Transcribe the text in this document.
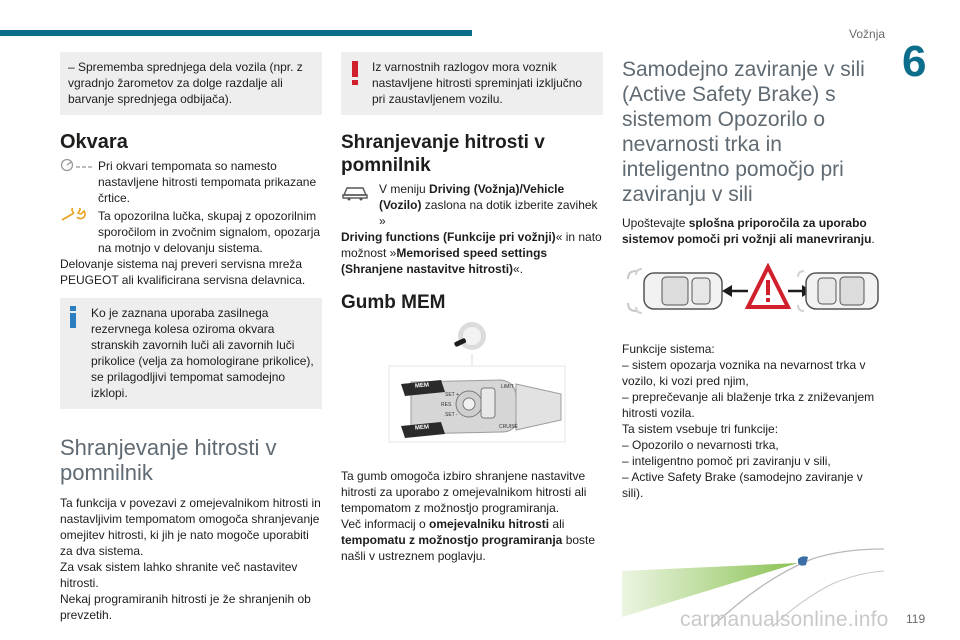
Vožnja
6

– Sprememba sprednjega dela vozila (npr. z vgradnjo žarometov za dolge razdalje ali barvanje sprednjega odbijača).

Okvara

Pri okvari tempomata so namesto nastavljene hitrosti tempomata prikazane črtice.

Ta opozorilna lučka, skupaj z opozorilnim sporočilom in zvočnim signalom, opozarja na motnjo v delovanju sistema.

Delovanje sistema naj preveri servisna mreža PEUGEOT ali kvalificirana servisna delavnica.

Ko je zaznana uporaba zasilnega rezervnega kolesa oziroma okvara stranskih zavornih luči ali zavornih luči prikolice (velja za homologirane prikolice), se prilagodljivi tempomat samodejno izklopi.

Shranjevanje hitrosti v pomnilnik

Ta funkcija v povezavi z omejevalnikom hitrosti in nastavljivim tempomatom omogoča shranjevanje omejitev hitrosti, ki jih je nato mogoče uporabiti za dva sistema.

Za vsak sistem lahko shranite več nastavitev hitrosti.

Nekaj programiranih hitrosti je že shranjenih ob prevzetih.

Iz varnostnih razlogov mora voznik nastavljene hitrosti spreminjati izključno pri zaustavljenem vozilu.

Shranjevanje hitrosti v pomnilnik

V meniju Driving (Vožnja)/Vehicle (Vozilo) zaslona na dotik izberite zavihek »

Driving functions (Funkcije pri vožnji)« in nato možnost »Memorised speed settings (Shranjene nastavitve hitrosti)«.

Gumb MEM
MEM
MEM
SET +
RES
SET -
LIMIT
CRUISE

Ta gumb omogoča izbiro shranjene nastavitve hitrosti za uporabo z omejevalnikom hitrosti ali tempomatom z možnostjo programiranja.

Več informacij o omejevalniku hitrosti ali tempomatu z možnostjo programiranja boste našli v ustreznem poglavju.

Samodejno zaviranje v sili (Active Safety Brake) s sistemom Opozorilo o nevarnosti trka in inteligentno pomočjo pri zaviranju v sili

Upoštevajte splošna priporočila za uporabo sistemov pomoči pri vožnji ali manevriranju.

Funkcije sistema:

– sistem opozarja voznika na nevarnost trka v vozilo, ki vozi pred njim,

– preprečevanje ali blaženje trka z zniževanjem hitrosti vozila.

Ta sistem vsebuje tri funkcije:

– Opozorilo o nevarnosti trka,

– inteligentno pomoč pri zaviranju v sili,

– Active Safety Brake (samodejno zaviranje v sili).

119
carmanualsonline.info
